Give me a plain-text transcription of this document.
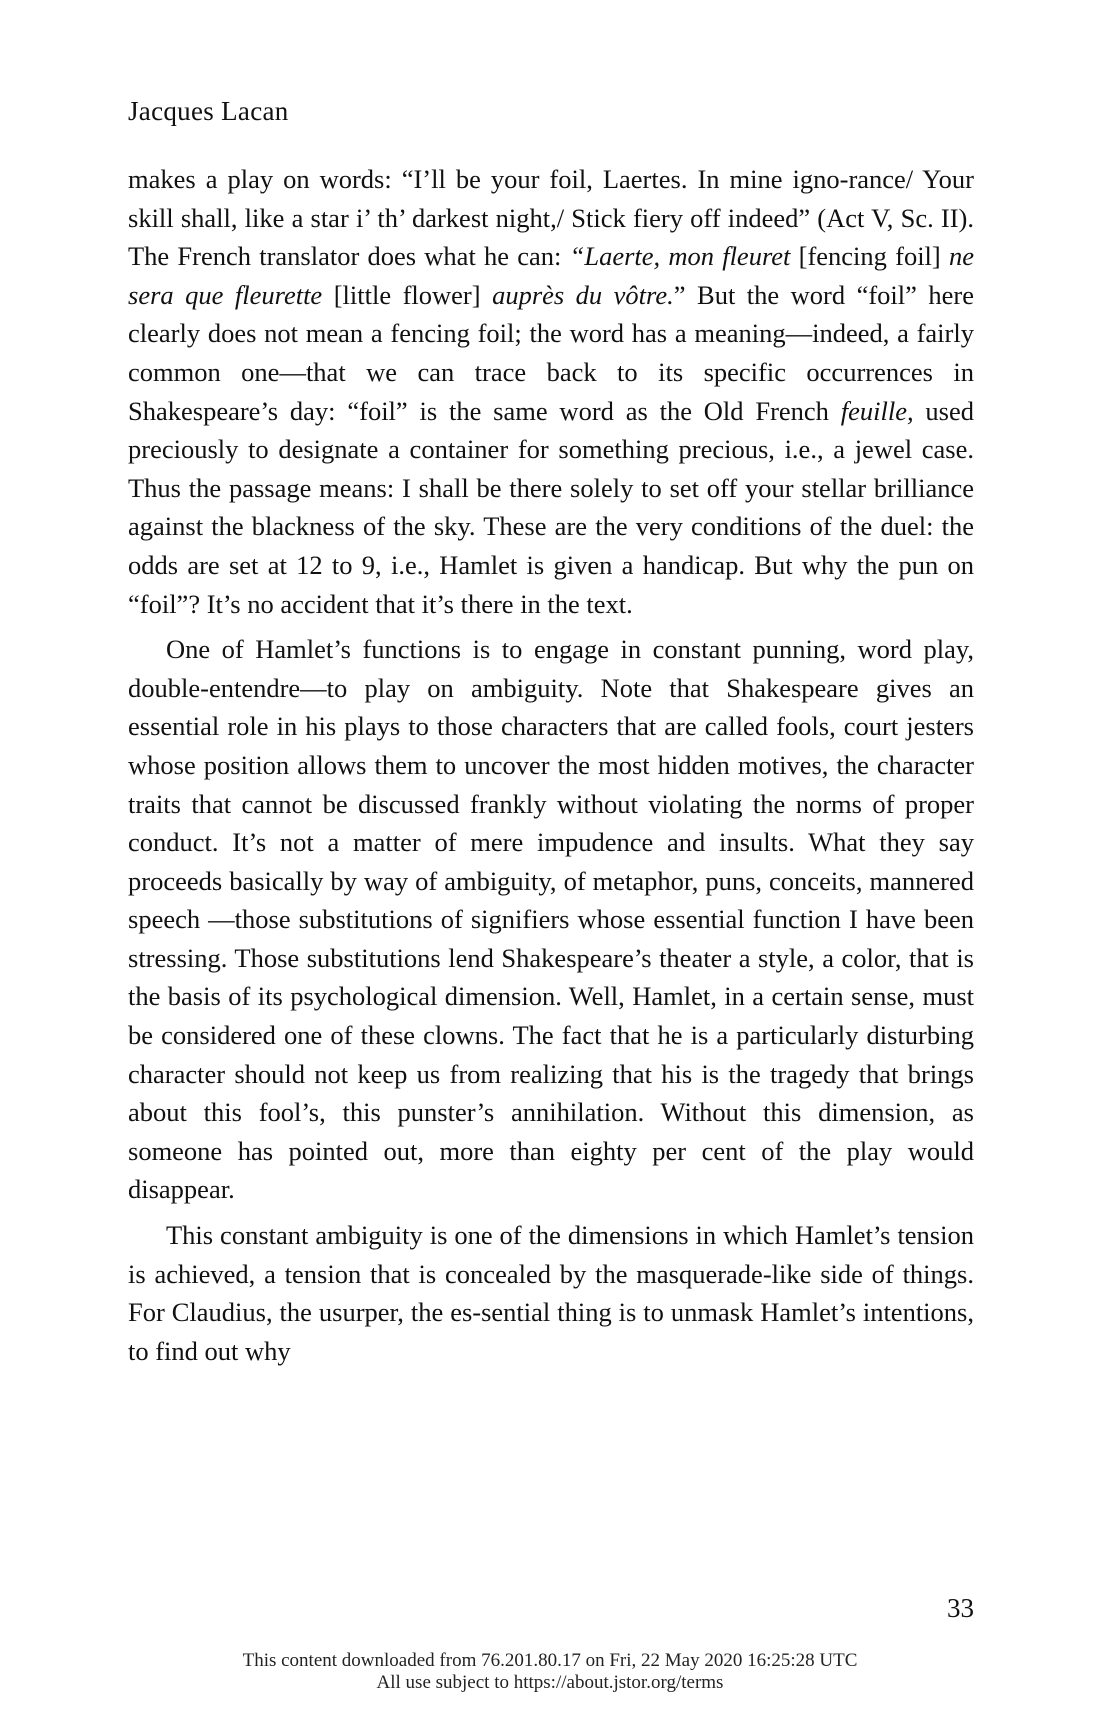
Jacques Lacan

makes a play on words: “I’ll be your foil, Laertes. In mine igno-rance/ Your skill shall, like a star i’ th’ darkest night,/ Stick fiery off indeed” (Act V, Sc. II). The French translator does what he can: “Laerte, mon fleuret [fencing foil] ne sera que fleurette [little flower] auprès du vôtre.” But the word “foil” here clearly does not mean a fencing foil; the word has a meaning—indeed, a fairly common one—that we can trace back to its specific occurrences in Shakespeare’s day: “foil” is the same word as the Old French feuille, used preciously to designate a container for something precious, i.e., a jewel case. Thus the passage means: I shall be there solely to set off your stellar brilliance against the blackness of the sky. These are the very conditions of the duel: the odds are set at 12 to 9, i.e., Hamlet is given a handicap. But why the pun on “foil”? It’s no accident that it’s there in the text.

One of Hamlet’s functions is to engage in constant punning, word play, double-entendre—to play on ambiguity. Note that Shakespeare gives an essential role in his plays to those characters that are called fools, court jesters whose position allows them to uncover the most hidden motives, the character traits that cannot be discussed frankly without violating the norms of proper conduct. It’s not a matter of mere impudence and insults. What they say proceeds basically by way of ambiguity, of metaphor, puns, conceits, mannered speech —those substitutions of signifiers whose essential function I have been stressing. Those substitutions lend Shakespeare’s theater a style, a color, that is the basis of its psychological dimension. Well, Hamlet, in a certain sense, must be considered one of these clowns. The fact that he is a particularly disturbing character should not keep us from realizing that his is the tragedy that brings about this fool’s, this punster’s annihilation. Without this dimension, as someone has pointed out, more than eighty per cent of the play would disappear.

This constant ambiguity is one of the dimensions in which Hamlet’s tension is achieved, a tension that is concealed by the masquerade-like side of things. For Claudius, the usurper, the es-sential thing is to unmask Hamlet’s intentions, to find out why

33
This content downloaded from 76.201.80.17 on Fri, 22 May 2020 16:25:28 UTC
All use subject to https://about.jstor.org/terms
